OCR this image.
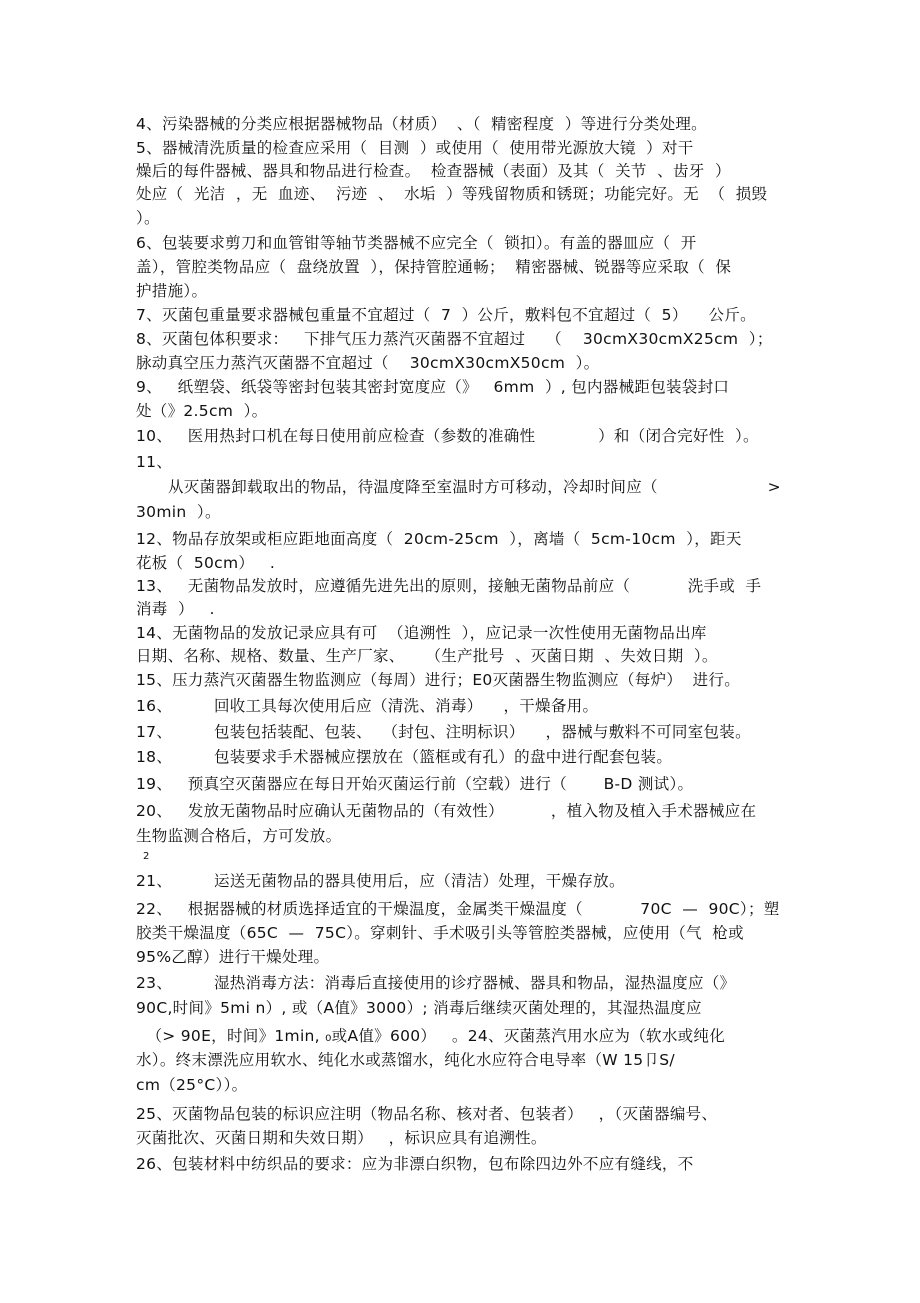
4、污染器械的分类应根据器械物品（材质）  、（  精密程度  ）等进行分类处理。
5、器械清洗质量的检查应采用（  目测  ）或使用（  使用带光源放大镜  ）对干
燥后的每件器械、器具和物品进行检查。  检查器械（表面）及其（  关节  、齿牙  ）
处应（  光洁  ，无  血迹、  污迹  、  水垢  ）等残留物质和锈斑；功能完好。无  （  损毁
）。
6、包装要求剪刀和血管钳等轴节类器械不应完全（  锁扣）。有盖的器皿应（  开
盖），管腔类物品应（  盘绕放置  ），保持管腔通畅；  精密器械、锐器等应采取（  保
护措施）。
7、灭菌包重量要求器械包重量不宜超过（  7  ）公斤，敷料包不宜超过（  5）    公斤。
8、灭菌包体积要求：   下排气压力蒸汽灭菌器不宜超过    （    30cmX30cmX25cm  ）；
脉动真空压力蒸汽灭菌器不宜超过（    30cmX30cmX50cm  ）。
9、   纸塑袋、纸袋等密封包装其密封宽度应（》   6mm  ）, 包内器械距包装袋封口
处（》2.5cm  ）。
10、   医用热封口机在每日使用前应检查（参数的准确性            ）和（闭合完好性  ）。
11、
从灭菌器卸载取出的物品，待温度降至室温时方可移动，冷却时间应（                     >
30min  ）。
12、物品存放架或柜应距地面高度（  20cm-25cm  ），离墙（  5cm-10cm  ），距天
花板（  50cm）   .
13、   无菌物品发放时，应遵循先进先出的原则，接触无菌物品前应（           洗手或  手
消毒  ）   .
14、无菌物品的发放记录应具有可  （追溯性  ），应记录一次性使用无菌物品出库
日期、名称、规格、数量、生产厂家、    （生产批号  、灭菌日期  、失效日期  ）。
15、压力蒸汽灭菌器生物监测应（每周）进行；E0灭菌器生物监测应（每炉）  进行。
16、        回收工具每次使用后应（清洗、消毒）    ，干燥备用。
17、        包装包括装配、包装、  （封包、注明标识）    ，器械与敷料不可同室包装。
18、        包装要求手术器械应摆放在（篮框或有孔）的盘中进行配套包装。
19、   预真空灭菌器应在每日开始灭菌运行前（空载）进行（       B-D 测试）。
20、   发放无菌物品时应确认无菌物品的（有效性）         ，植入物及植入手术器械应在
生物监测合格后，方可发放。
2
21、        运送无菌物品的器具使用后，应（清洁）处理，干燥存放。
22、   根据器械的材质选择适宜的干燥温度，金属类干燥温度（           70C  —  90C）；塑
胶类干燥温度（65C  —  75C）。穿刺针、手术吸引头等管腔类器械，应使用（气  枪或
95%乙醇）进行干燥处理。
23、        湿热消毒方法：消毒后直接使用的诊疗器械、器具和物品，湿热温度应（》
90C,时间》5mi n）, 或（A值》3000）; 消毒后继续灭菌处理的，其湿热温度应
（> 90E，时间》1min, ₀或A值》600）   。24、灭菌蒸汽用水应为（软水或纯化
水）。终末漂洗应用软水、纯化水或蒸馏水，纯化水应符合电导率（W 15卩S/
cm（25°C））。
25、灭菌物品包装的标识应注明（物品名称、核对者、包装者）   ，（灭菌器编号、
灭菌批次、灭菌日期和失效日期）   ，标识应具有追溯性。
26、包装材料中纺织品的要求：应为非漂白织物，包布除四边外不应有缝线，不
